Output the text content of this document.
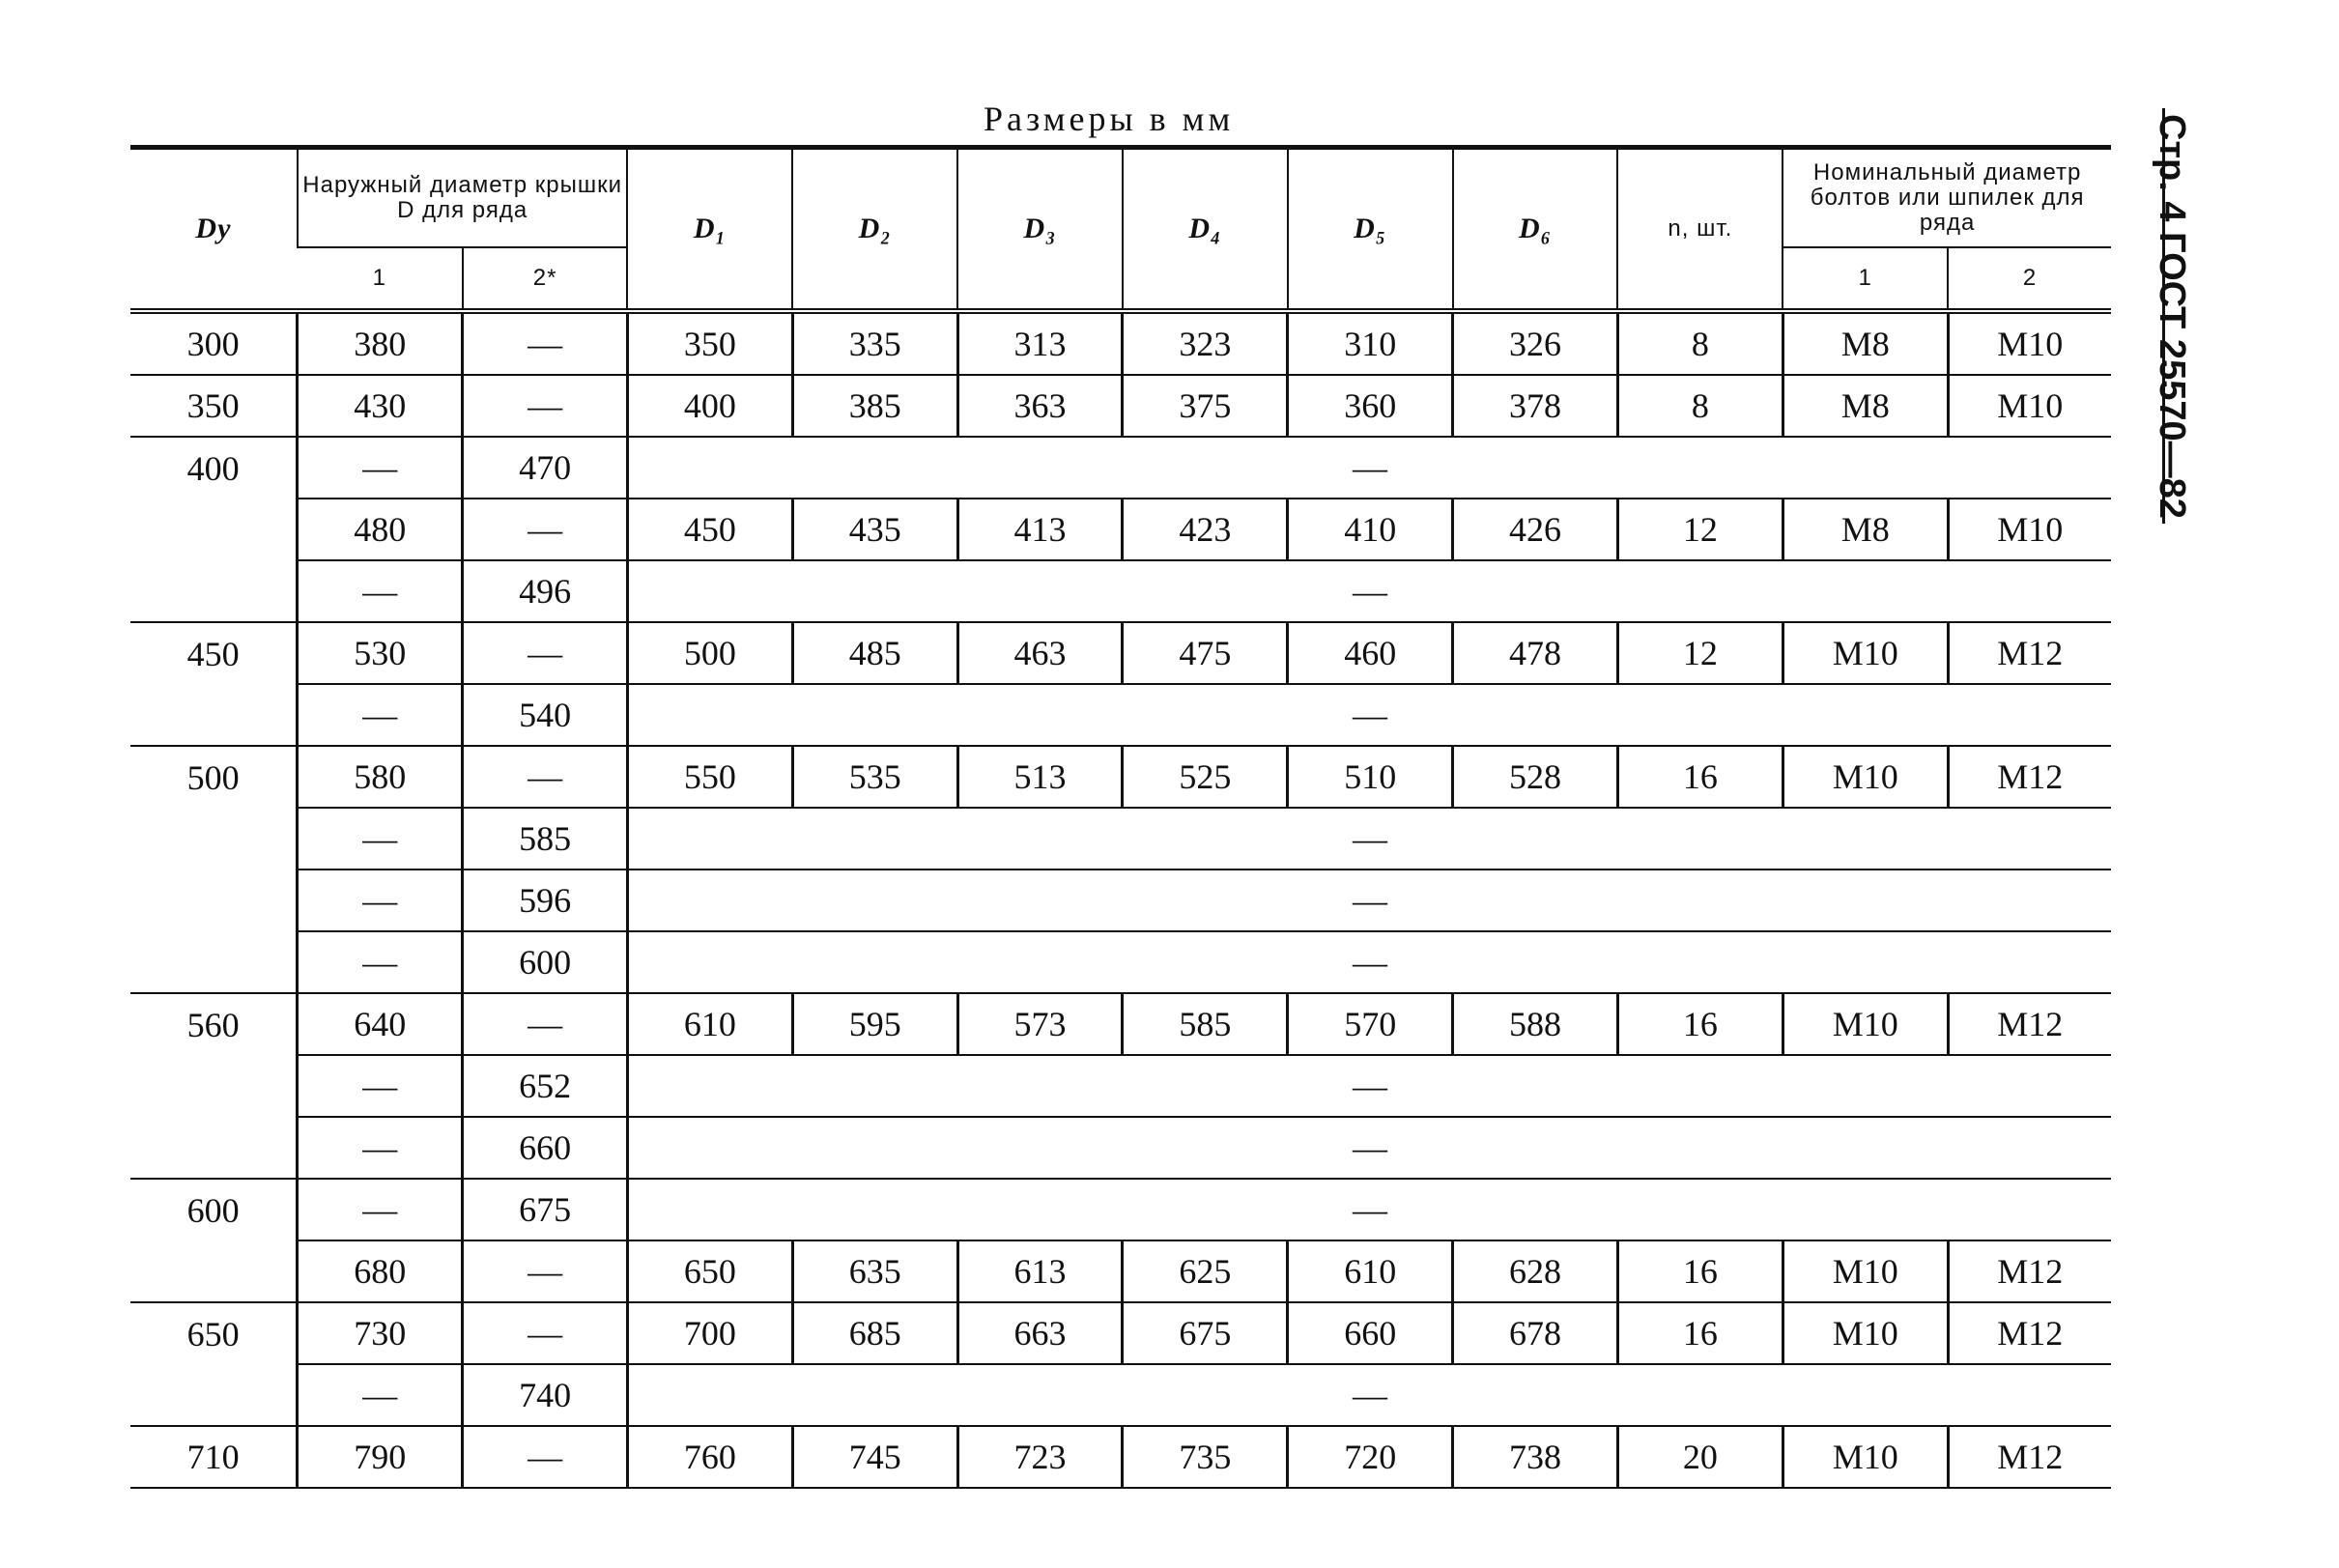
Размеры в мм	Стр. 4 ГОСТ 25570—82
Dу	Наружный диаметр крышки D для ряда		D₁	D₂	D₃	D₄	D₅	D₆	n, шт.	Номинальный диаметр болтов или шпилек для ряда	
	1	2*								1	2
300	380	—	350	335	313	323	310	326	8	M8	M10
350	430	—	400	385	363	375	360	378	8	M8	M10
400	—	470	—								
	480	—	450	435	413	423	410	426	12	M8	M10
	—	496	—								
450	530	—	500	485	463	475	460	478	12	M10	M12
	—	540	—								
500	580	—	550	535	513	525	510	528	16	M10	M12
	—	585	—								
	—	596	—								
	—	600	—								
560	640	—	610	595	573	585	570	588	16	M10	M12
	—	652	—								
	—	660	—								
600	—	675	—								
	680	—	650	635	613	625	610	628	16	M10	M12
650	730	—	700	685	663	675	660	678	16	M10	M12
	—	740	—								
710	790	—	760	745	723	735	720	738	20	M10	M12
